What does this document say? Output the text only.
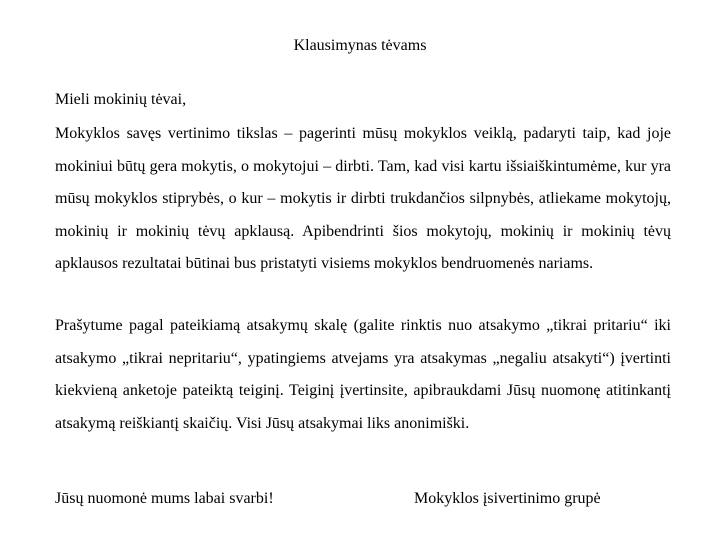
Klausimynas tėvams
Mieli mokinių tėvai,

Mokyklos savęs vertinimo tikslas – pagerinti mūsų mokyklos veiklą, padaryti taip, kad joje mokiniui būtų gera mokytis, o mokytojui – dirbti. Tam, kad visi kartu išsiaiškintumėme, kur yra mūsų mokyklos stiprybės, o kur – mokytis ir dirbti trukdančios silpnybės, atliekame mokytojų, mokinių ir mokinių tėvų apklausą. Apibendrinti šios mokytojų, mokinių ir mokinių tėvų apklausos rezultatai būtinai bus pristatyti visiems mokyklos bendruomenės nariams.

Prašytume pagal pateikiamą atsakymų skalę (galite rinktis nuo atsakymo „tikrai pritariu“ iki atsakymo „tikrai nepritariu“, ypatingiems atvejams yra atsakymas „negaliu atsakyti“) įvertinti kiekvieną anketoje pateiktą teiginį. Teiginį įvertinsite, apibraukdami Jūsų nuomonę atitinkantį atsakymą reiškiantį skaičių. Visi Jūsų atsakymai liks anonimiški.

Jūsų nuomonė mums labai svarbi!	Mokyklos įsivertinimo grupė
